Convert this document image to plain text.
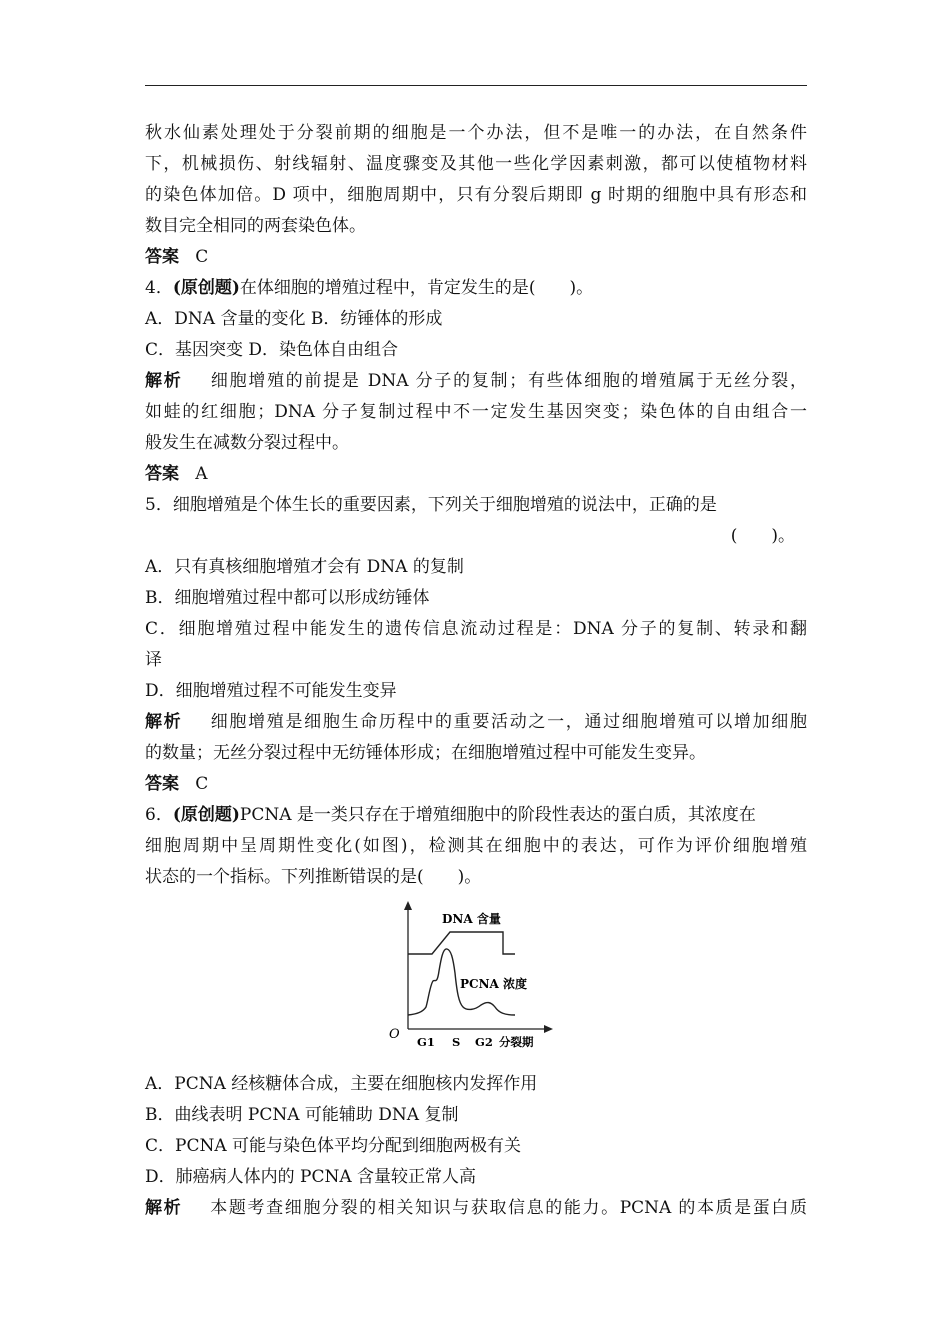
秋水仙素处理处于分裂前期的细胞是一个办法，但不是唯一的办法，在自然条件
下，机械损伤、射线辐射、温度骤变及其他一些化学因素刺激，都可以使植物材料
的染色体加倍。D 项中，细胞周期中，只有分裂后期即 g 时期的细胞中具有形态和
数目完全相同的两套染色体。
答案 C
4．(原创题)在体细胞的增殖过程中，肯定发生的是(　　)。
A．DNA 含量的变化 B．纺锤体的形成
C．基因突变 D．染色体自由组合
解析 细胞增殖的前提是 DNA 分子的复制；有些体细胞的增殖属于无丝分裂，
如蛙的红细胞；DNA 分子复制过程中不一定发生基因突变；染色体的自由组合一
般发生在减数分裂过程中。
答案 A
5．细胞增殖是个体生长的重要因素，下列关于细胞增殖的说法中，正确的是
(　　)。
A．只有真核细胞增殖才会有 DNA 的复制
B．细胞增殖过程中都可以形成纺锤体
C．细胞增殖过程中能发生的遗传信息流动过程是：DNA 分子的复制、转录和翻
译
D．细胞增殖过程不可能发生变异
解析 细胞增殖是细胞生命历程中的重要活动之一，通过细胞增殖可以增加细胞
的数量；无丝分裂过程中无纺锤体形成；在细胞增殖过程中可能发生变异。
答案 C
6．(原创题)PCNA 是一类只存在于增殖细胞中的阶段性表达的蛋白质，其浓度在
细胞周期中呈周期性变化(如图)，检测其在细胞中的表达，可作为评价细胞增殖
状态的一个指标。下列推断错误的是(　　)。
O
DNA 含量
PCNA 浓度
G1 S G2 分裂期
A．PCNA 经核糖体合成，主要在细胞核内发挥作用
B．曲线表明 PCNA 可能辅助 DNA 复制
C．PCNA 可能与染色体平均分配到细胞两极有关
D．肺癌病人体内的 PCNA 含量较正常人高
解析 本题考查细胞分裂的相关知识与获取信息的能力。PCNA 的本质是蛋白质
